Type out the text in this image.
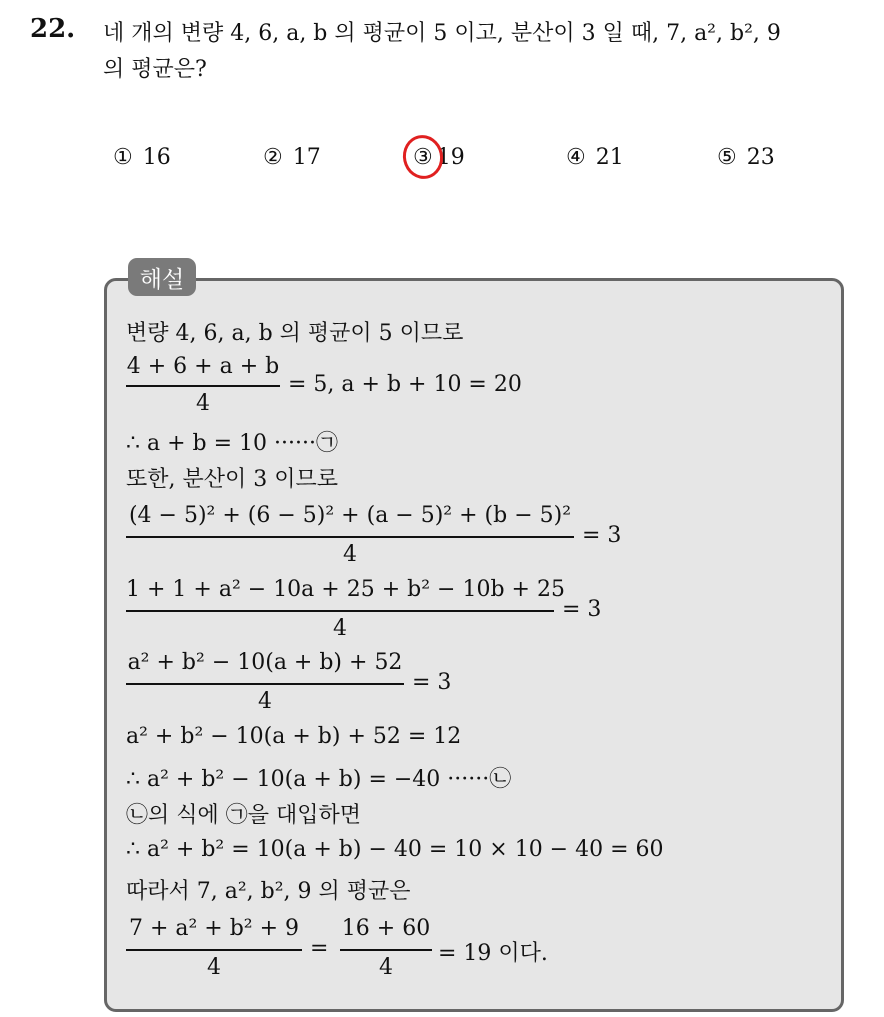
22. 네 개의 변량 4, 6, a, b 의 평균이 5 이고, 분산이 3 일 때, 7, a², b², 9
의 평균은?
① 16	② 17	③ 19	④ 21	⑤ 23
해설
변량 4, 6, a, b 의 평균이 5 이므로
4 + 6 + a + b
4
= 5, a + b + 10 = 20
∴ a + b = 10 ······㉠
또한, 분산이 3 이므로
(4 − 5)² + (6 − 5)² + (a − 5)² + (b − 5)²
4
= 3
1 + 1 + a² − 10a + 25 + b² − 10b + 25
4
= 3
a² + b² − 10(a + b) + 52
4
= 3
a² + b² − 10(a + b) + 52 = 12
∴ a² + b² − 10(a + b) = −40 ······㉡
㉡의 식에 ㉠을 대입하면
∴ a² + b² = 10(a + b) − 40 = 10 × 10 − 40 = 60
따라서 7, a², b², 9 의 평균은
7 + a² + b² + 9
4
=
16 + 60
4
= 19 이다.
